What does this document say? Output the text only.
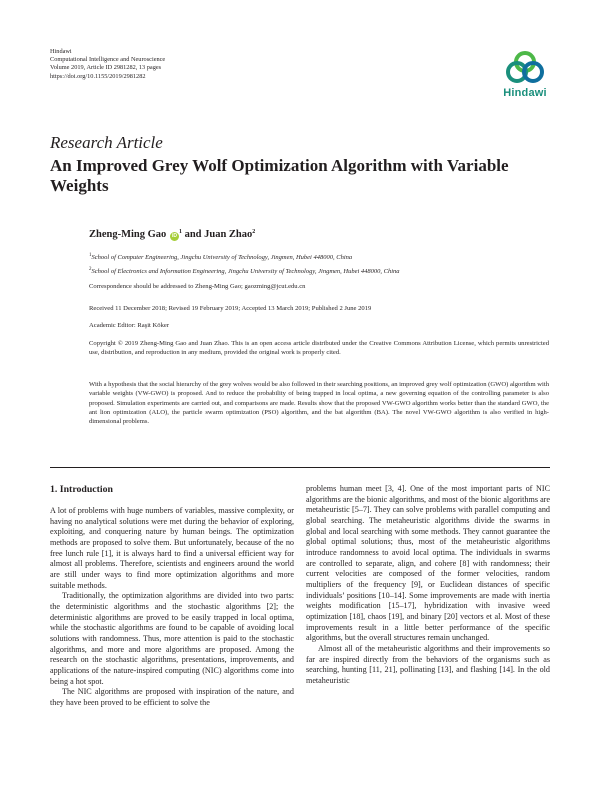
Hindawi
Computational Intelligence and Neuroscience
Volume 2019, Article ID 2981282, 13 pages
https://doi.org/10.1155/2019/2981282
Hindawi
Research Article
An Improved Grey Wolf Optimization Algorithm with Variable Weights
Zheng-Ming Gao $iD^1$ and Juan Zhao$^2$
$^1$School of Computer Engineering, Jingchu University of Technology, Jingmen, Hubei 448000, China
$^2$School of Electronics and Information Engineering, Jingchu University of Technology, Jingmen, Hubei 448000, China
Correspondence should be addressed to Zheng-Ming Gao; gaozming@jcut.edu.cn
Received 11 December 2018; Revised 19 February 2019; Accepted 13 March 2019; Published 2 June 2019
Academic Editor: Raşit Köker

Copyright © 2019 Zheng-Ming Gao and Juan Zhao. This is an open access article distributed under the Creative Commons Attribution License, which permits unrestricted use, distribution, and reproduction in any medium, provided the original work is properly cited.

With a hypothesis that the social hierarchy of the grey wolves would be also followed in their searching positions, an improved grey wolf optimization (GWO) algorithm with variable weights (VW-GWO) is proposed. And to reduce the probability of being trapped in local optima, a new governing equation of the controlling parameter is also proposed. Simulation experiments are carried out, and comparisons are made. Results show that the proposed VW-GWO algorithm works better than the standard GWO, the ant lion optimization (ALO), the particle swarm optimization (PSO) algorithm, and the bat algorithm (BA). The novel VW-GWO algorithm is also verified in high-dimensional problems.

1. Introduction

A lot of problems with huge numbers of variables, massive complexity, or having no analytical solutions were met during the behavior of exploring, exploiting, and conquering nature by human beings. The optimization methods are proposed to solve them. But unfortunately, because of the no free lunch rule [1], it is always hard to find a universal efficient way for almost all problems. Therefore, scientists and engineers around the world are still under ways to find more optimization algorithms and more suitable methods.

Traditionally, the optimization algorithms are divided into two parts: the deterministic algorithms and the stochastic algorithms [2]; the deterministic algorithms are proved to be easily trapped in local optima, while the stochastic algorithms are found to be capable of avoiding local solutions with randomness. Thus, more attention is paid to the stochastic algorithms, and more and more algorithms are proposed. Among the research on the stochastic algorithms, presentations, improvements, and applications of the nature-inspired computing (NIC) algorithms come into being a hot spot.

The NIC algorithms are proposed with inspiration of the nature, and they have been proved to be efficient to solve the

problems human meet [3, 4]. One of the most important parts of NIC algorithms are the bionic algorithms, and most of the bionic algorithms are metaheuristic [5–7]. They can solve problems with parallel computing and global searching. The metaheuristic algorithms divide the swarms in global and local searching with some methods. They cannot guarantee the global optimal solutions; thus, most of the metaheuristic algorithms introduce randomness to avoid local optima. The individuals in swarms are controlled to separate, align, and cohere [8] with randomness; their current velocities are composed of the former velocities, random multipliers of the frequency [9], or Euclidean distances of specific individuals’ positions [10–14]. Some improvements are made with inertia weights modification [15–17], hybridization with invasive weed optimization [18], chaos [19], and binary [20] vectors et al. Most of these improvements result in a little better performance of the specific algorithms, but the overall structures remain unchanged.

Almost all of the metaheuristic algorithms and their improvements so far are inspired directly from the behaviors of the organisms such as searching, hunting [11, 21], pollinating [13], and flashing [14]. In the old metaheuristic
